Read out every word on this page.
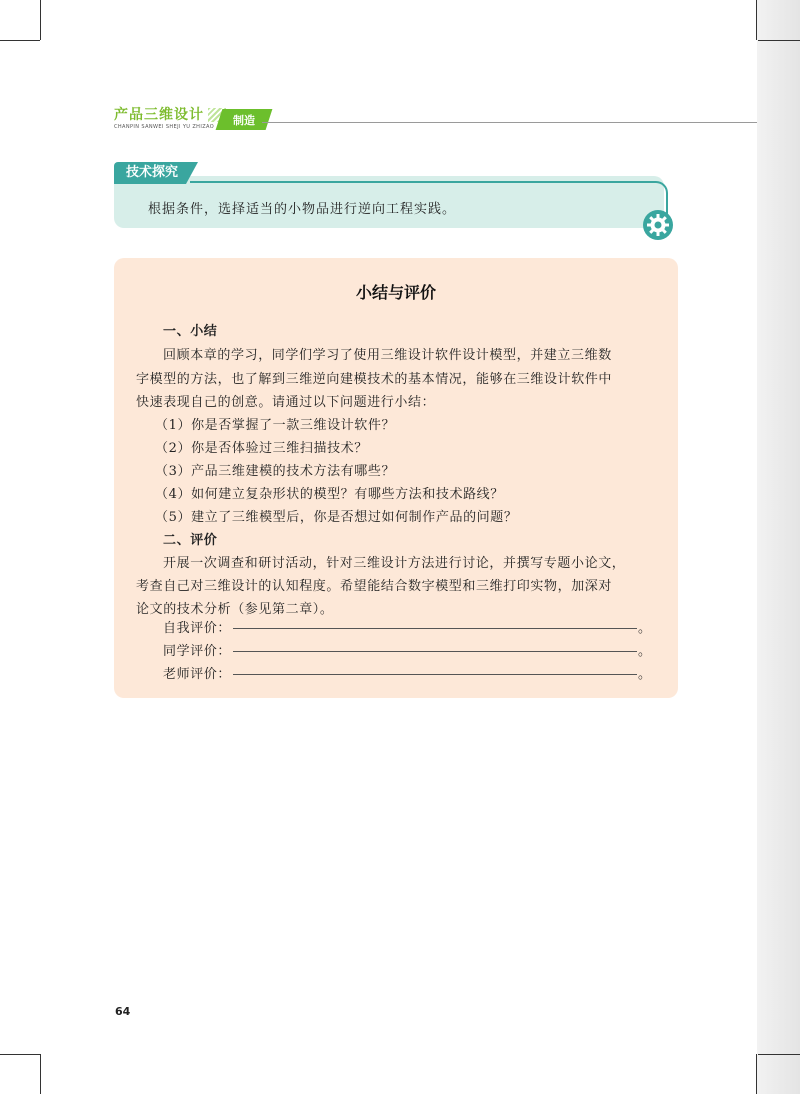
产品三维设计
CHANPIN SANWEI SHEJI YU ZHIZAO	制造
技术探究
根据条件，选择适当的小物品进行逆向工程实践。
小结与评价
一、小结
回顾本章的学习，同学们学习了使用三维设计软件设计模型，并建立三维数
字模型的方法，也了解到三维逆向建模技术的基本情况，能够在三维设计软件中
快速表现自己的创意。请通过以下问题进行小结：
（1）你是否掌握了一款三维设计软件？
（2）你是否体验过三维扫描技术？
（3）产品三维建模的技术方法有哪些？
（4）如何建立复杂形状的模型？有哪些方法和技术路线？
（5）建立了三维模型后，你是否想过如何制作产品的问题？
二、评价
开展一次调查和研讨活动，针对三维设计方法进行讨论，并撰写专题小论文，
考查自己对三维设计的认知程度。希望能结合数字模型和三维打印实物，加深对
论文的技术分析（参见第二章）。
自我评价：	。
同学评价：	。
老师评价：	。
64
